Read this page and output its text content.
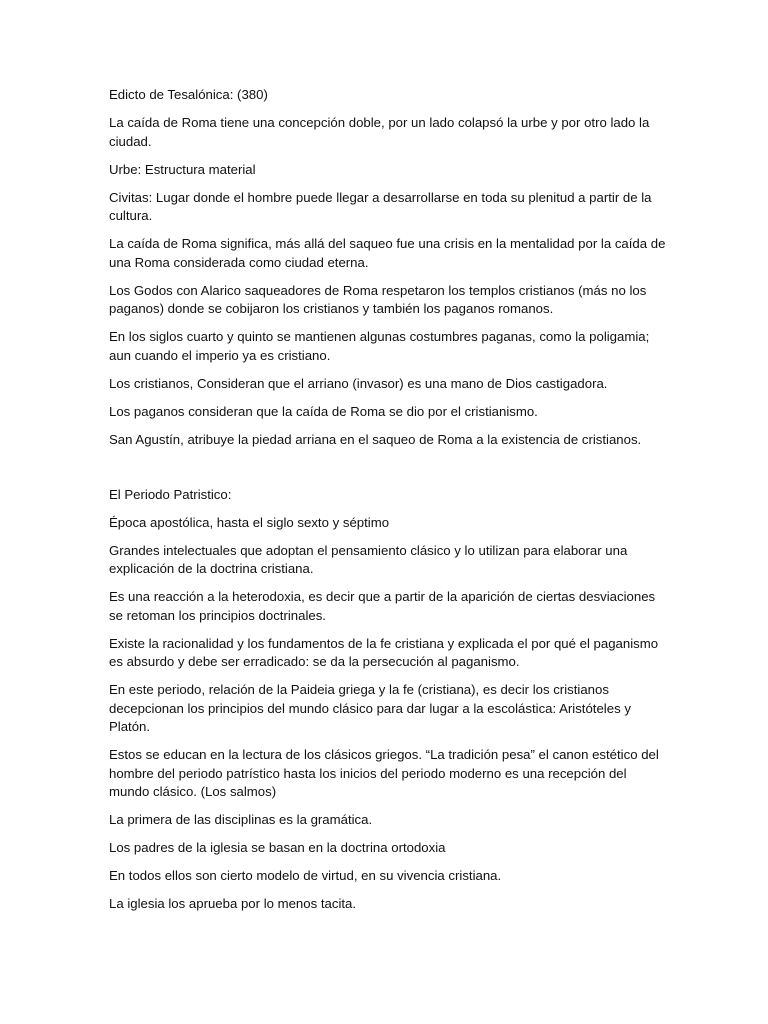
Edicto de Tesalónica: (380)

La caída de Roma tiene una concepción doble, por un lado colapsó la urbe y por otro lado la ciudad.

Urbe: Estructura material

Civitas: Lugar donde el hombre puede llegar a desarrollarse en toda su plenitud a partir de la cultura.

La caída de Roma significa, más allá del saqueo fue una crisis en la mentalidad por la caída de una Roma considerada como ciudad eterna.

Los Godos con Alarico saqueadores de Roma respetaron los templos cristianos (más no los paganos) donde se cobijaron los cristianos y también los paganos romanos.

En los siglos cuarto y quinto se mantienen algunas costumbres paganas, como la poligamia; aun cuando el imperio ya es cristiano.

Los cristianos, Consideran que el arriano (invasor) es una mano de Dios castigadora.

Los paganos consideran que la caída de Roma se dio por el cristianismo.

San Agustín, atribuye la piedad arriana en el saqueo de Roma a la existencia de cristianos.

El Periodo Patristico:

Época apostólica, hasta el siglo sexto y séptimo

Grandes intelectuales que adoptan el pensamiento clásico y lo utilizan para elaborar una explicación de la doctrina cristiana.

Es una reacción a la heterodoxia, es decir que a partir de la aparición de ciertas desviaciones se retoman los principios doctrinales.

Existe la racionalidad y los fundamentos de la fe cristiana y explicada el por qué el paganismo es absurdo y debe ser erradicado: se da la persecución al paganismo.

En este periodo, relación de la Paideia griega y la fe (cristiana), es decir los cristianos decepcionan los principios del mundo clásico para dar lugar a la escolástica: Aristóteles y Platón.

Estos se educan en la lectura de los clásicos griegos. “La tradición pesa” el canon estético del hombre del periodo patrístico hasta los inicios del periodo moderno es una recepción del mundo clásico. (Los salmos)

La primera de las disciplinas es la gramática.

Los padres de la iglesia se basan en la doctrina ortodoxia

En todos ellos son cierto modelo de virtud, en su vivencia cristiana.

La iglesia los aprueba por lo menos tacita.
